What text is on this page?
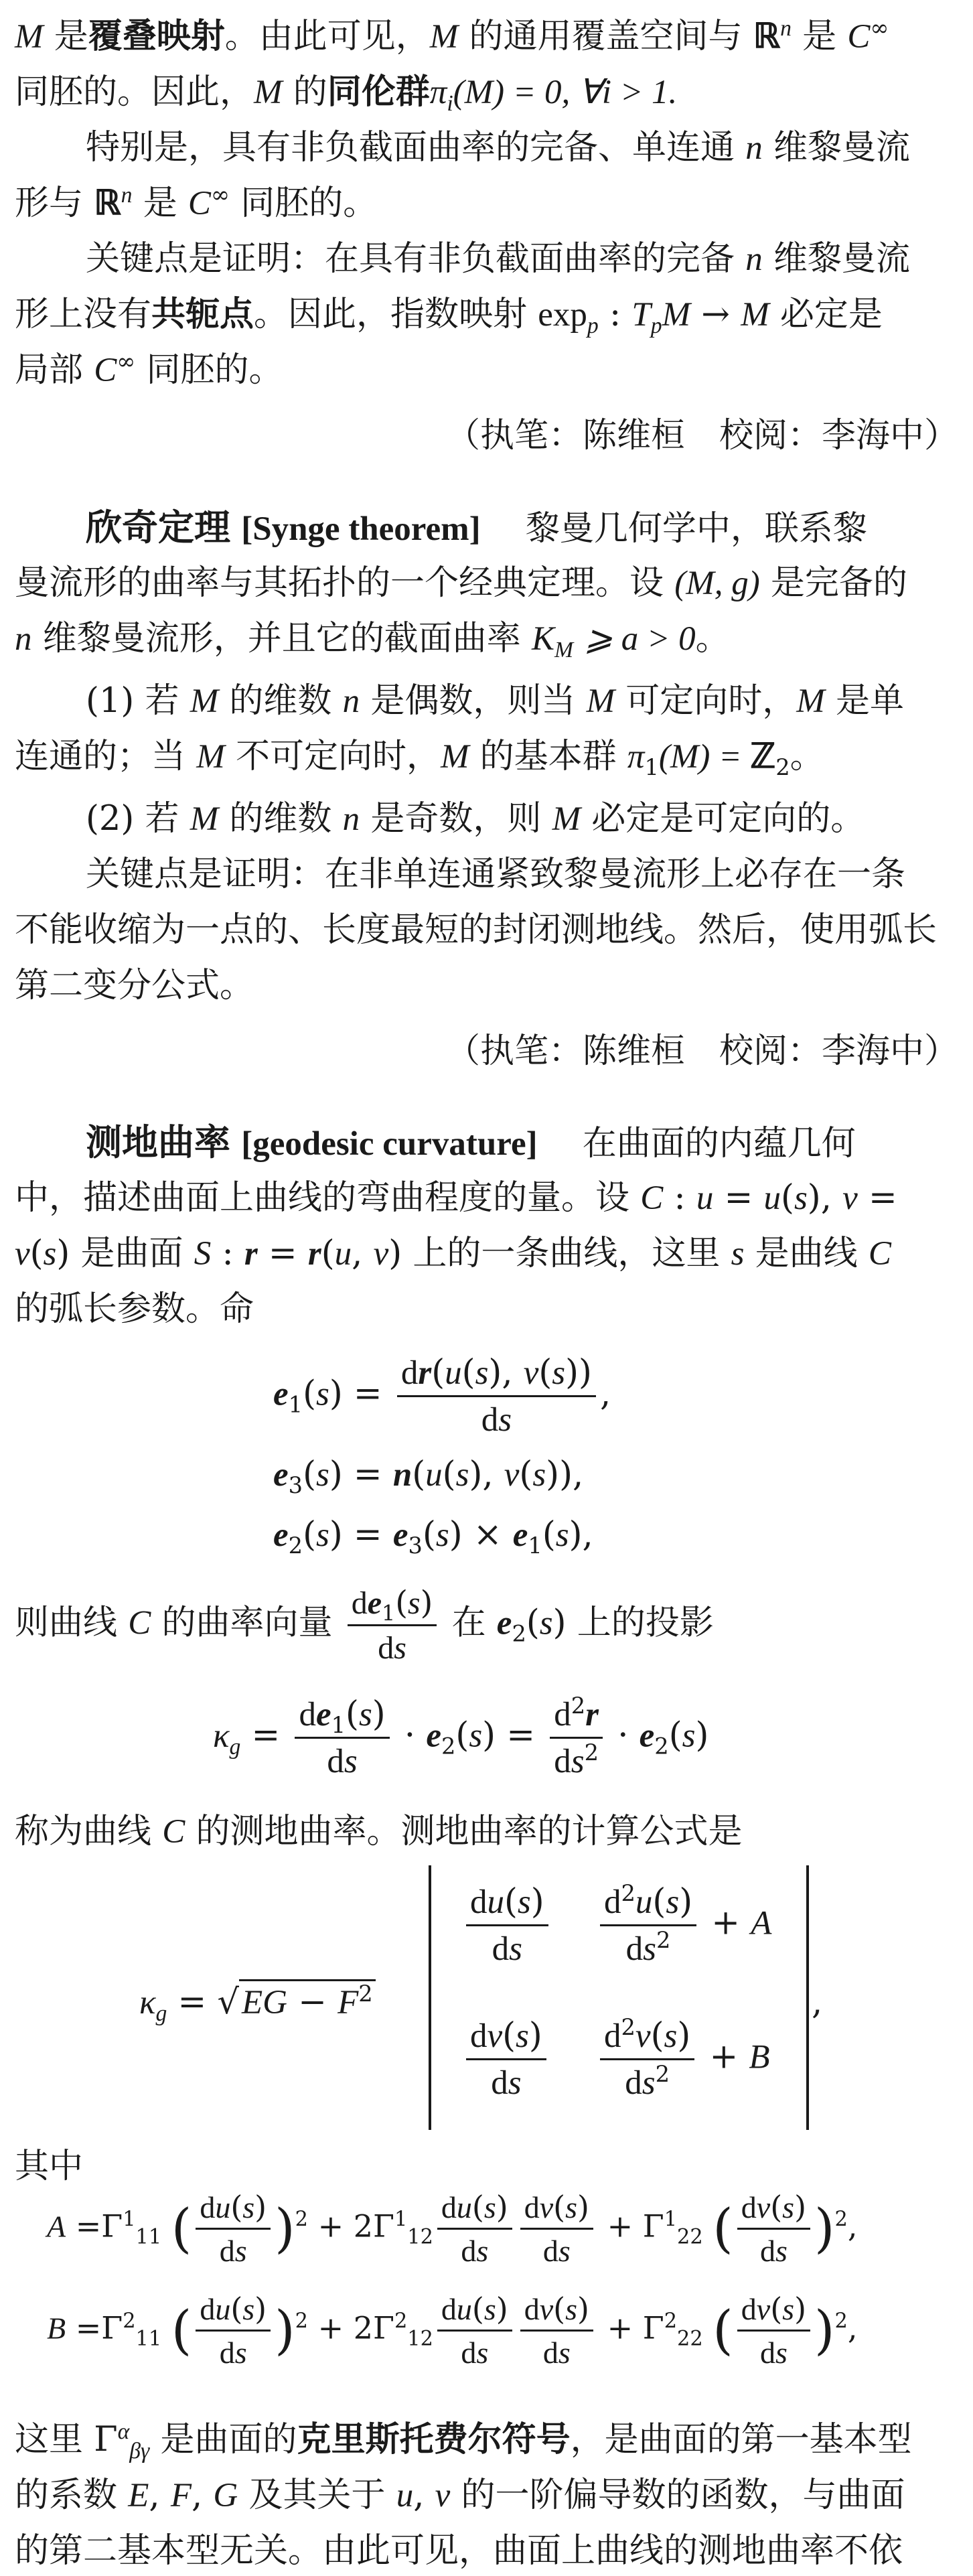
M 是覆叠映射。由此可见，M 的通用覆盖空间与 ℝ$^n$ 是 C∞
同胚的。因此，M 的同伦群$\pi_i(M) = 0$, ∀i > 1.
特别是，具有非负截面曲率的完备、单连通 n 维黎曼流
形与 ℝ$^n$ 是 C∞ 同胚的。
关键点是证明：在具有非负截面曲率的完备 n 维黎曼流
形上没有共轭点。因此，指数映射 $\exp_p$ : $T_pM \to M$ 必定是
局部 C∞ 同胚的。
（执笔：陈维桓　校阅：李海中）
欣奇定理 [Synge theorem]　 黎曼几何学中，联系黎
曼流形的曲率与其拓扑的一个经典定理。设 (M, g) 是完备的
n 维黎曼流形，并且它的截面曲率 $K_M$ ⩾ a > 0。
(1) 若 M 的维数 n 是偶数，则当 M 可定向时，M 是单
连通的；当 M 不可定向时，M 的基本群 $\pi_1(M)$ = ℤ$_2$。
(2) 若 M 的维数 n 是奇数，则 M 必定是可定向的。
关键点是证明：在非单连通紧致黎曼流形上必存在一条
不能收缩为一点的、长度最短的封闭测地线。然后，使用弧长
第二变分公式。
（执笔：陈维桓　校阅：李海中）
测地曲率 [geodesic curvature]　 在曲面的内蕴几何
中，描述曲面上曲线的弯曲程度的量。设 C : u = u(s), v =
v(s) 是曲面 S : r = r(u, v) 上的一条曲线，这里 s 是曲线 C
的弧长参数。命
$e_1(s) = \frac{dr(u(s), v(s))}{ds}$ ,
$e_3(s) = n(u(s)$, v(s)),
$e_2(s) = e_3(s) \times e_1(s)$,
则曲线 C 的曲率向量 $\frac{de_1(s)}{ds}$ 在 $e_2(s)$ 上的投影
$\kappa_g = \frac{de_1(s)}{ds} \cdot e_2(s) = \frac{d^2r}{ds^2} \cdot e_2(s)$
称为曲线 C 的测地曲率。测地曲率的计算公式是
$\kappa_g = √EG - F^2$
$\frac{du(s)}{ds} \frac{d^2u(s)}{ds^2} + A$
$\frac{dv(s)}{ds} \frac{d^2v(s)}{ds^2} + B$
,
其中
$A =\Gamma^1_{11}$ ( $\frac{du(s)}{ds} )^2 + 2\Gamma^1_{12} \frac{du(s)}{ds} \frac{dv(s)}{ds} + \Gamma^1_{22}$ ( $\frac{dv(s)}{ds} )^2$,
$B =\Gamma^2_{11}$ ( $\frac{du(s)}{ds} )^2 + 2\Gamma^2_{12} \frac{du(s)}{ds} \frac{dv(s)}{ds} + \Gamma^2_{22}$ ( $\frac{dv(s)}{ds} )^2$,
这里 $\Gamma^\alpha_{\beta\gamma}$ 是曲面的克里斯托费尔符号，是曲面的第一基本型
的系数 E, F, G 及其关于 u, v 的一阶偏导数的函数，与曲面
的第二基本型无关。由此可见，曲面上曲线的测地曲率不依
